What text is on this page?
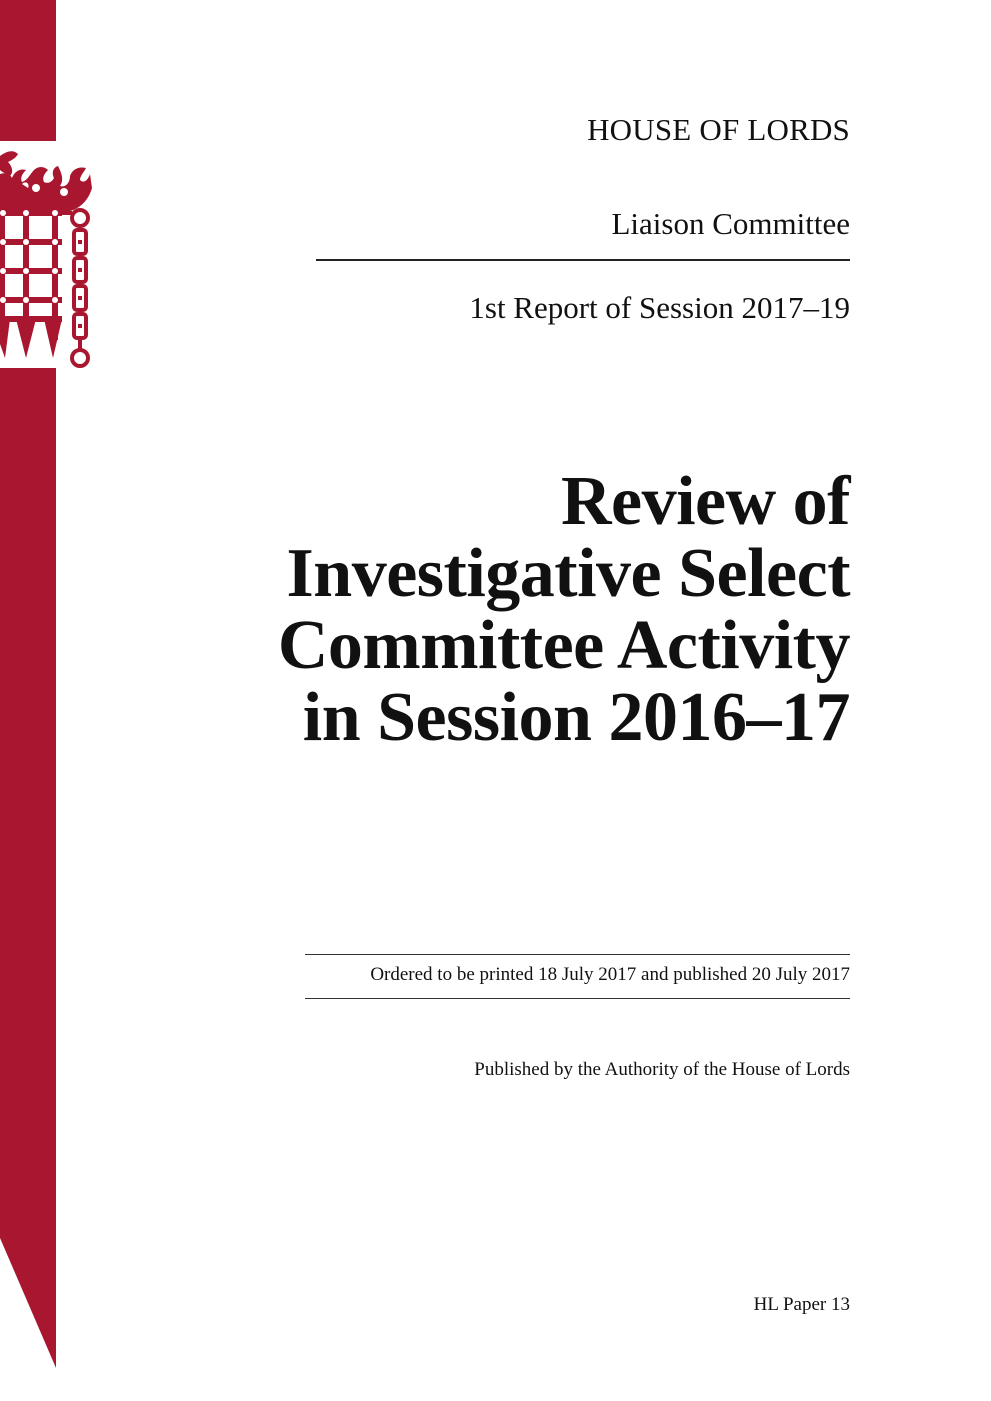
HOUSE OF LORDS
Liaison Committee
1st Report of Session 2017–19
Review of
Investigative Select
Committee Activity
in Session 2016–17
Ordered to be printed 18 July 2017 and published 20 July 2017
Published by the Authority of the House of Lords
HL Paper 13
